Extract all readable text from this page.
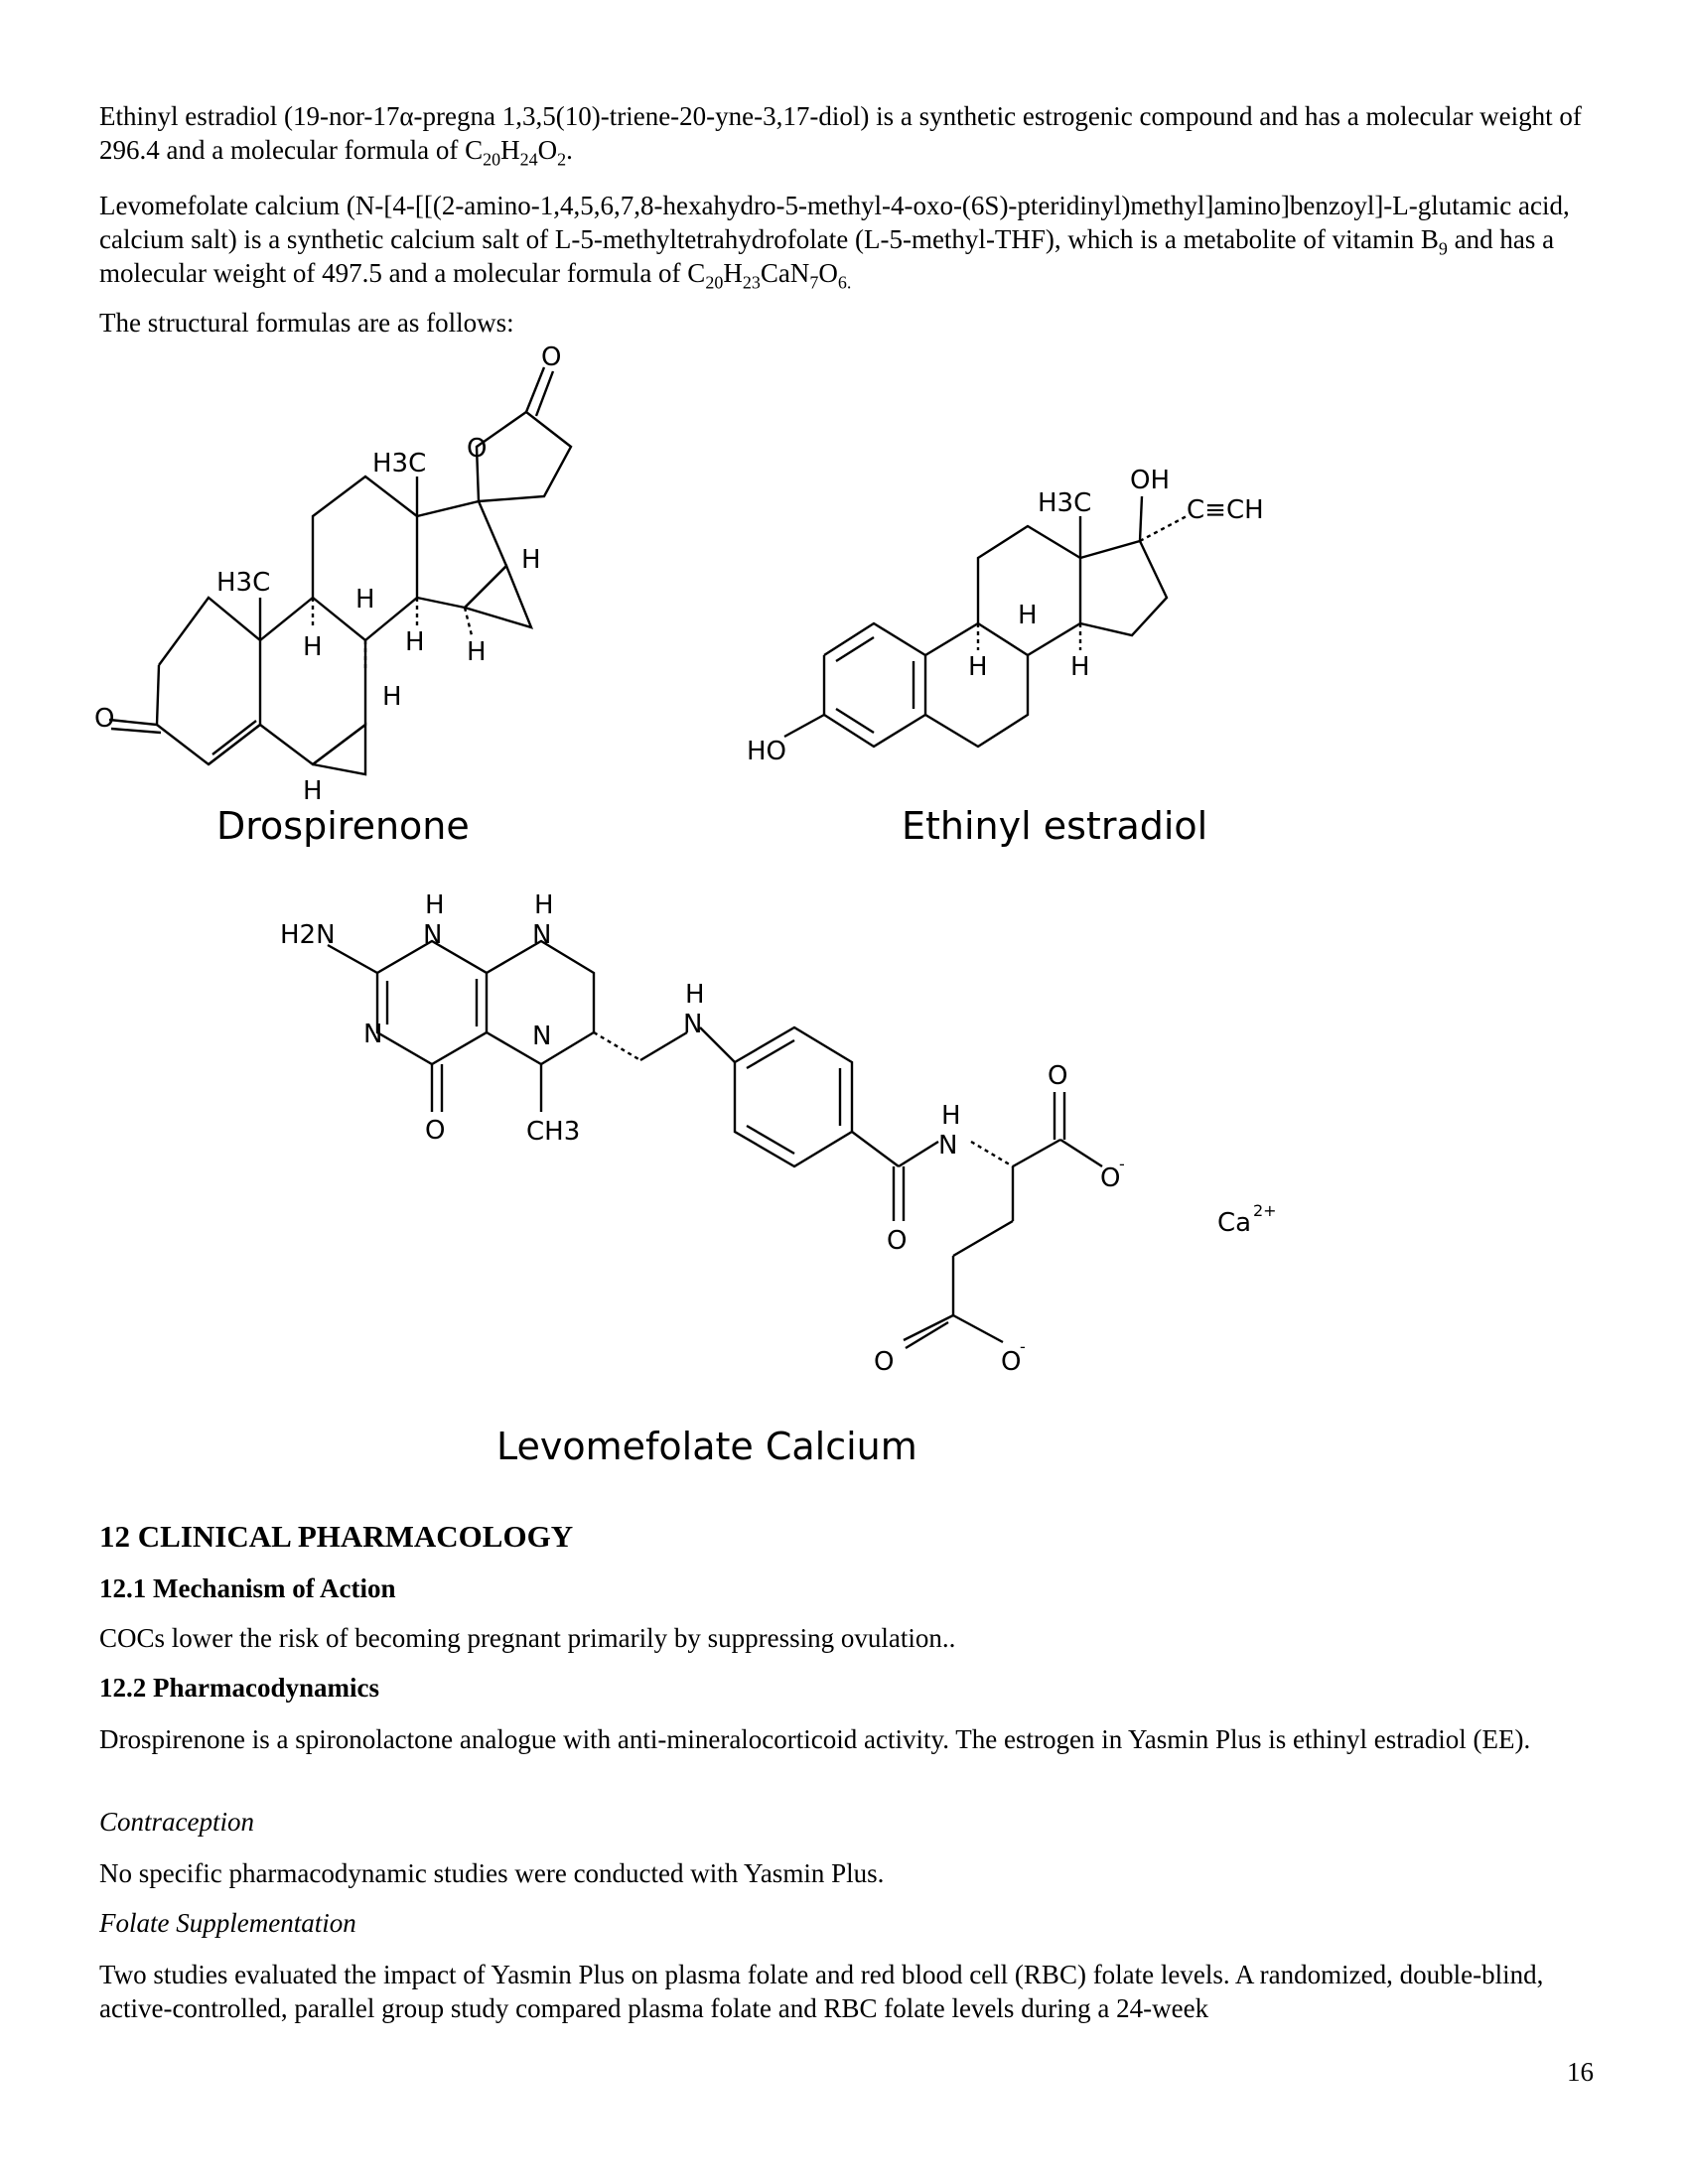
Ethinyl estradiol (19-nor-17α-pregna 1,3,5(10)-triene-20-yne-3,17-diol) is a synthetic estrogenic compound and has a molecular weight of 296.4 and a molecular formula of $C_{20}H_{24}O_2$.

Levomefolate calcium (N-[4-[[(2-amino-1,4,5,6,7,8-hexahydro-5-methyl-4-oxo-(6S)-pteridinyl)methyl]amino]benzoyl]-L-glutamic acid, calcium salt) is a synthetic calcium salt of L-5-methyltetrahydrofolate (L-5-methyl-THF), which is a metabolite of vitamin $B_9$ and has a molecular weight of 497.5 and a molecular formula of $C_{20}H_{23}CaN_7O_{6.}$

The structural formulas are as follows:

O
H3C
H3C O
O
H
H
H H
H
H
H
HO
H3C
OH
C≡CH
H
H
H
H2N	N
H
N
H
N	N
O	CH3
N
H
N
H
O
O
O
-
O	O
-
Ca 2+

Drospirenone	Ethinyl estradiol

Levomefolate Calcium

12 CLINICAL PHARMACOLOGY

12.1 Mechanism of Action

COCs lower the risk of becoming pregnant primarily by suppressing ovulation..

12.2 Pharmacodynamics

Drospirenone is a spironolactone analogue with anti-mineralocorticoid activity. The estrogen in Yasmin Plus is ethinyl estradiol (EE).

Contraception

No specific pharmacodynamic studies were conducted with Yasmin Plus.

Folate Supplementation

Two studies evaluated the impact of Yasmin Plus on plasma folate and red blood cell (RBC) folate levels. A randomized, double-blind, active-controlled, parallel group study compared plasma folate and RBC folate levels during a 24-week

16
